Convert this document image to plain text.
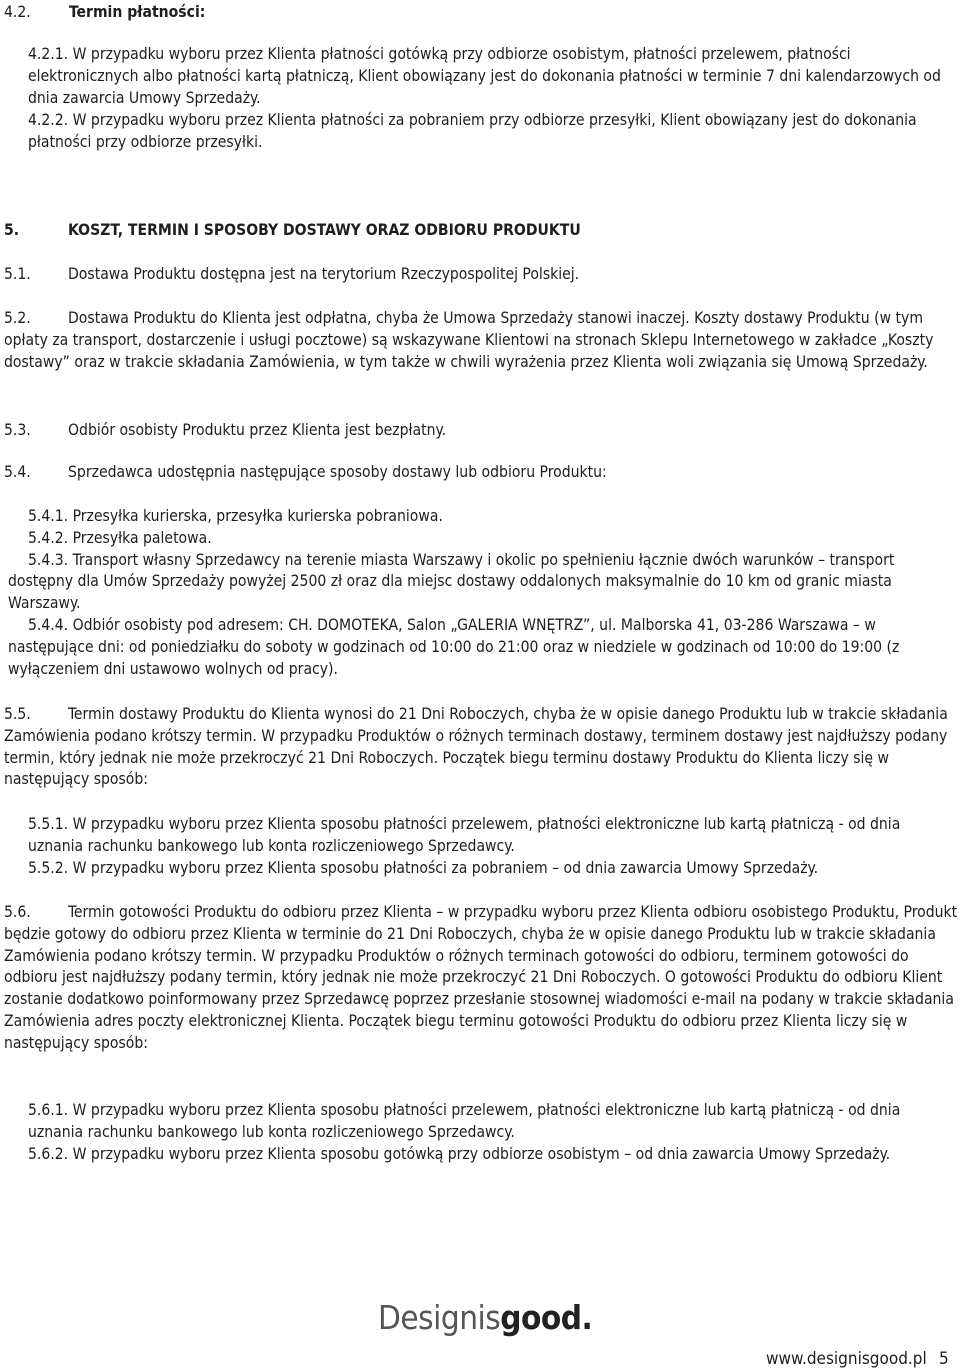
4.2. Termin płatności:

4.2.1. W przypadku wyboru przez Klienta płatności gotówką przy odbiorze osobistym, płatności przelewem, płatności elektronicznych albo płatności kartą płatniczą, Klient obowiązany jest do dokonania płatności w terminie 7 dni kalendarzowych od dnia zawarcia Umowy Sprzedaży.

4.2.2. W przypadku wyboru przez Klienta płatności za pobraniem przy odbiorze przesyłki, Klient obowiązany jest do dokonania płatności przy odbiorze przesyłki.

5.	KOSZT, TERMIN I SPOSOBY DOSTAWY ORAZ ODBIORU PRODUKTU

5.1. Dostawa Produktu dostępna jest na terytorium Rzeczypospolitej Polskiej.

5.2. Dostawa Produktu do Klienta jest odpłatna, chyba że Umowa Sprzedaży stanowi inaczej. Koszty dostawy Produktu (w tym opłaty za transport, dostarczenie i usługi pocztowe) są wskazywane Klientowi na stronach Sklepu Internetowego w zakładce „Koszty dostawy” oraz w trakcie składania Zamówienia, w tym także w chwili wyrażenia przez Klienta woli związania się Umową Sprzedaży.

5.3. Odbiór osobisty Produktu przez Klienta jest bezpłatny.

5.4. Sprzedawca udostępnia następujące sposoby dostawy lub odbioru Produktu:

5.4.1. Przesyłka kurierska, przesyłka kurierska pobraniowa.

5.4.2. Przesyłka paletowa.

5.4.3. Transport własny Sprzedawcy na terenie miasta Warszawy i okolic po spełnieniu łącznie dwóch warunków – transport dostępny dla Umów Sprzedaży powyżej 2500 zł oraz dla miejsc dostawy oddalonych maksymalnie do 10 km od granic miasta Warszawy.

5.4.4. Odbiór osobisty pod adresem: CH. DOMOTEKA, Salon „GALERIA WNĘTRZ”, ul. Malborska 41, 03-286 Warszawa – w następujące dni: od poniedziałku do soboty w godzinach od 10:00 do 21:00 oraz w niedziele w godzinach od 10:00 do 19:00 (z wyłączeniem dni ustawowo wolnych od pracy).

5.5. Termin dostawy Produktu do Klienta wynosi do 21 Dni Roboczych, chyba że w opisie danego Produktu lub w trakcie składania Zamówienia podano krótszy termin. W przypadku Produktów o różnych terminach dostawy, terminem dostawy jest najdłuższy podany termin, który jednak nie może przekroczyć 21 Dni Roboczych. Początek biegu terminu dostawy Produktu do Klienta liczy się w następujący sposób:

5.5.1. W przypadku wyboru przez Klienta sposobu płatności przelewem, płatności elektroniczne lub kartą płatniczą - od dnia uznania rachunku bankowego lub konta rozliczeniowego Sprzedawcy.

5.5.2. W przypadku wyboru przez Klienta sposobu płatności za pobraniem – od dnia zawarcia Umowy Sprzedaży.

5.6. Termin gotowości Produktu do odbioru przez Klienta – w przypadku wyboru przez Klienta odbioru osobistego Produktu, Produkt będzie gotowy do odbioru przez Klienta w terminie do 21 Dni Roboczych, chyba że w opisie danego Produktu lub w trakcie składania Zamówienia podano krótszy termin. W przypadku Produktów o różnych terminach gotowości do odbioru, terminem gotowości do odbioru jest najdłuższy podany termin, który jednak nie może przekroczyć 21 Dni Roboczych. O gotowości Produktu do odbioru Klient zostanie dodatkowo poinformowany przez Sprzedawcę poprzez przesłanie stosownej wiadomości e-mail na podany w trakcie składania Zamówienia adres poczty elektronicznej Klienta. Początek biegu terminu gotowości Produktu do odbioru przez Klienta liczy się w następujący sposób:

5.6.1. W przypadku wyboru przez Klienta sposobu płatności przelewem, płatności elektroniczne lub kartą płatniczą - od dnia uznania rachunku bankowego lub konta rozliczeniowego Sprzedawcy.

5.6.2. W przypadku wyboru przez Klienta sposobu gotówką przy odbiorze osobistym – od dnia zawarcia Umowy Sprzedaży.

Designisgood.
www.designisgood.pl 5
